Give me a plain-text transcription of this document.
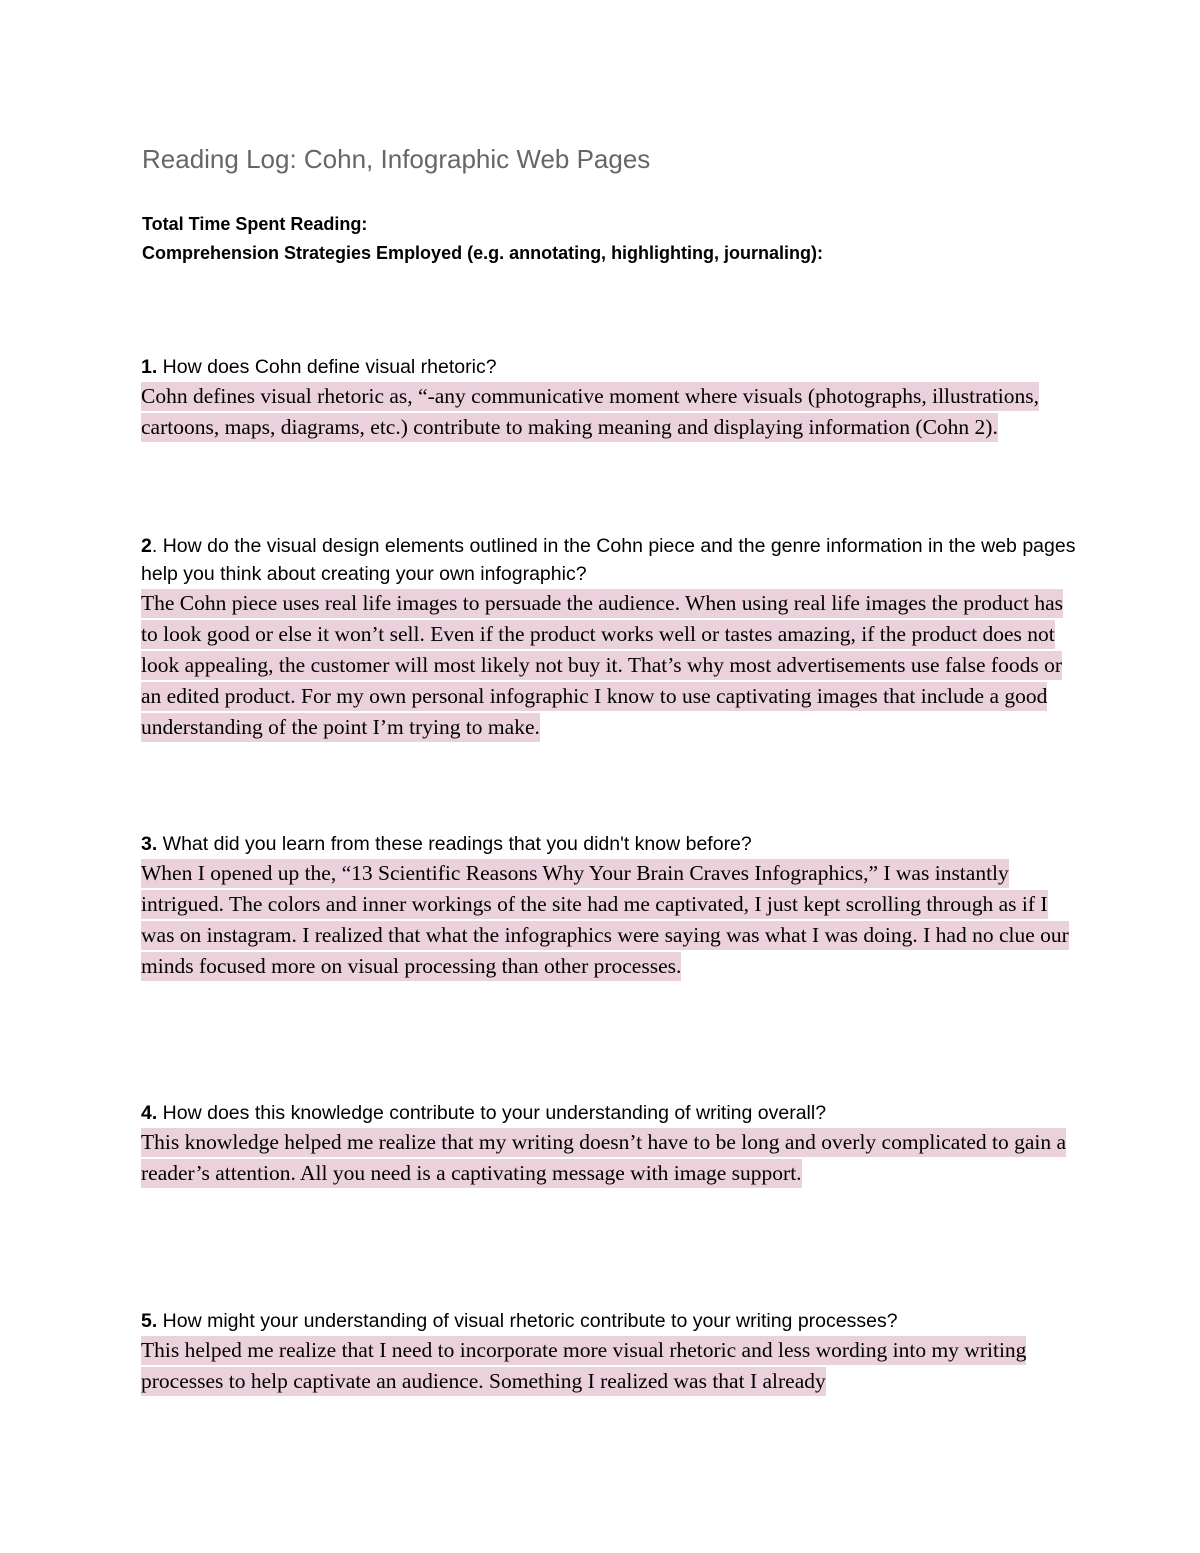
Reading Log: Cohn, Infographic Web Pages
Total Time Spent Reading:
Comprehension Strategies Employed (e.g. annotating, highlighting, journaling):

1. How does Cohn define visual rhetoric?

Cohn defines visual rhetoric as, “-any communicative moment where visuals (photographs, illustrations, cartoons, maps, diagrams, etc.) contribute to making meaning and displaying information (Cohn 2).

2. How do the visual design elements outlined in the Cohn piece and the genre information in the web pages help you think about creating your own infographic?

The Cohn piece uses real life images to persuade the audience. When using real life images the product has to look good or else it won’t sell. Even if the product works well or tastes amazing, if the product does not look appealing, the customer will most likely not buy it. That’s why most advertisements use false foods or an edited product. For my own personal infographic I know to use captivating images that include a good understanding of the point I’m trying to make.

3. What did you learn from these readings that you didn't know before?

When I opened up the, “13 Scientific Reasons Why Your Brain Craves Infographics,” I was instantly intrigued. The colors and inner workings of the site had me captivated, I just kept scrolling through as if I was on instagram. I realized that what the infographics were saying was what I was doing. I had no clue our minds focused more on visual processing than other processes.

4. How does this knowledge contribute to your understanding of writing overall?

This knowledge helped me realize that my writing doesn’t have to be long and overly complicated to gain a reader’s attention. All you need is a captivating message with image support.

5. How might your understanding of visual rhetoric contribute to your writing processes?

This helped me realize that I need to incorporate more visual rhetoric and less wording into my writing processes to help captivate an audience. Something I realized was that I already
